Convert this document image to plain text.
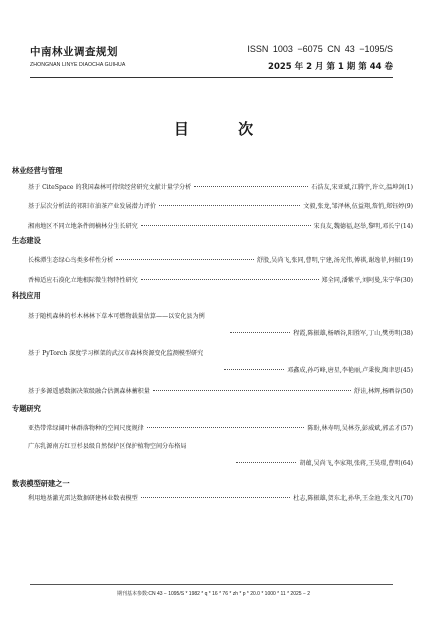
中南林业调查规划
ZHONGNAN LINYE DIAOCHA GUIHUA
ISSN 1003 −6075 CN 43 −1095/S
2025 年 2 月 第 1 期 第 44 卷
目 次
林业经营与管理
基于 CiteSpace 的我国森林可持续经营研究文献计量学分析	石浩友,宋亚斌,江腾宇,许立,温坤剑(1)
基于层次分析法的祁阳市油茶产业发展潜力评价	文毅,张龙,邹泽林,伍益翔,詹悄,郑钰婷(9)
湘南地区不同立地条件闽楠林分生长研究	宋良友,魏德福,赵举,黎明,邓长宁(14)
生态建设
长株潭生态绿心鸟类多样性分析	舒股,吴尚飞,张同,曹明,宁建,汤光伟,傅祺,谢逸菲,何振(19)
香樟适应石漠化立地根际微生物特性研究	郑全同,潘紫平,刘阿曼,朱宁华(30)
科技应用
基于随机森林的杉木林林下草本可燃物载量估算——以安化县为例
程霞,陈振雄,杨晒谷,阳胜军,丁山,樊勇明(38)
基于 PyTorch 深度学习框架的武汉市森林资源变化监测模型研究
邓鑫成,孙巧峰,唐星,李艳丽,卢秉俊,陶聿思(45)
基于多源遥感数据决策级融合估测森林蓄积量	舒诖,林辉,杨晒谷(50)
专题研究
亚热带常绿阔叶林群落物种的空间尺度规律	陈盼,林寿明,吴林芬,彭威斌,郭孟才(57)
广东乳源南方红豆杉县级自然保护区保护植物空间分布格局
胡蕴,吴尚飞,李家翔,张蒋,王昊璟,曹明(64)
数表模型研建之一
利用地基激光雷达数据研建林业数表模型	杜志,陈振雄,贺东北,孙华,王金池,张文凡(70)
期刊基本参数:CN 43 − 1095/S * 1982 * q * 16 * 76 * zh * p * 20.0 * 1000 * 11 * 2025 − 2
